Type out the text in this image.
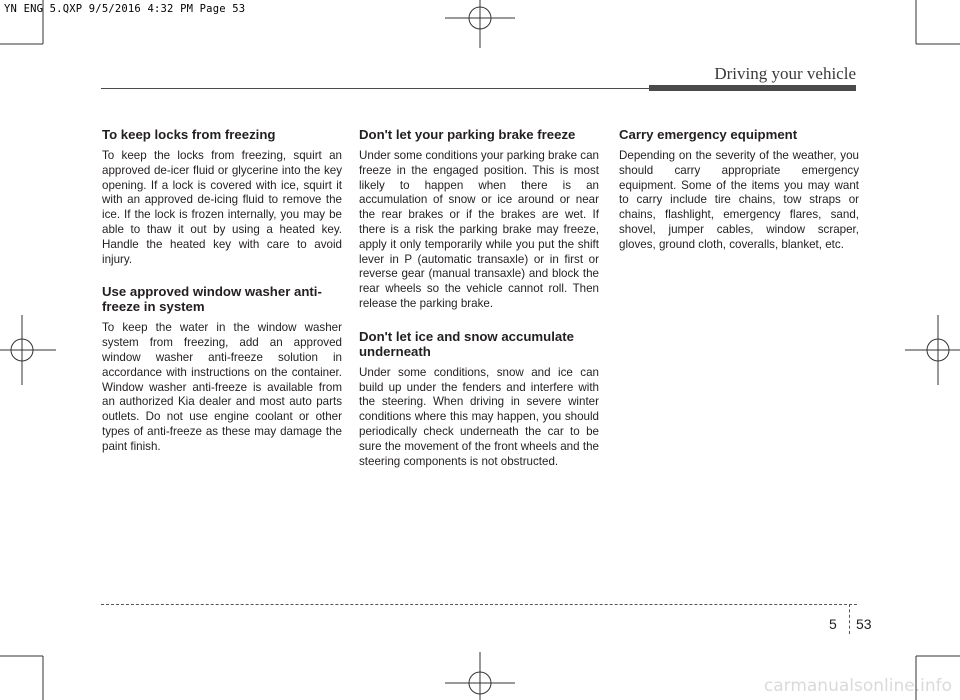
YN ENG 5.QXP 9/5/2016 4:32 PM Page 53
Driving your vehicle
To keep locks from freezing

To keep the locks from freezing, squirt an approved de-icer fluid or glycerine into the key opening. If a lock is covered with ice, squirt it with an approved de-icing fluid to remove the ice. If the lock is frozen internally, you may be able to thaw it out by using a heated key. Handle the heated key with care to avoid injury.

Use approved window washer anti-freeze in system

To keep the water in the window washer system from freezing, add an approved window washer anti-freeze solution in accordance with instructions on the container. Window washer anti-freeze is available from an authorized Kia dealer and most auto parts outlets. Do not use engine coolant or other types of anti-freeze as these may damage the paint finish.

Don't let your parking brake freeze

Under some conditions your parking brake can freeze in the engaged position. This is most likely to happen when there is an accumulation of snow or ice around or near the rear brakes or if the brakes are wet. If there is a risk the parking brake may freeze, apply it only temporarily while you put the shift lever in P (automatic transaxle) or in first or reverse gear (manual transaxle) and block the rear wheels so the vehicle cannot roll. Then release the parking brake.

Don't let ice and snow accumulate underneath

Under some conditions, snow and ice can build up under the fenders and interfere with the steering. When driving in severe winter conditions where this may happen, you should periodically check underneath the car to be sure the movement of the front wheels and the steering components is not obstructed.

Carry emergency equipment

Depending on the severity of the weather, you should carry appropriate emergency equipment. Some of the items you may want to carry include tire chains, tow straps or chains, flashlight, emergency flares, sand, shovel, jumper cables, window scraper, gloves, ground cloth, coveralls, blanket, etc.

5 53
carmanualsonline.info
